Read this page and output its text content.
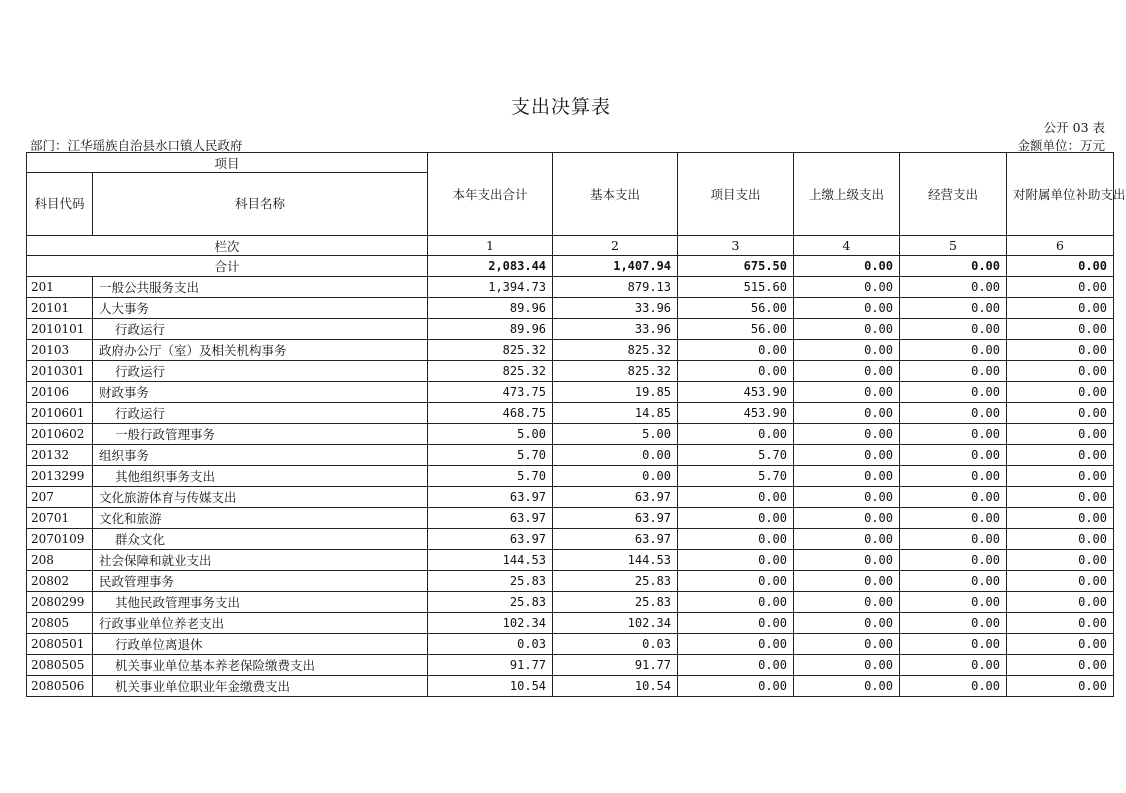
支出决算表
公开 03 表
部门：江华瑶族自治县水口镇人民政府	金额单位：万元
项目		本年支出合计	基本支出	项目支出	上缴上级支出	经营支出	对附属单位补助支出
科目代码	科目名称						
栏次		1	2	3	4	5	6
合计		2,083.44	1,407.94	675.50	0.00	0.00	0.00
201	一般公共服务支出	1,394.73	879.13	515.60	0.00	0.00	0.00
20101	人大事务	89.96	33.96	56.00	0.00	0.00	0.00
2010101	行政运行	89.96	33.96	56.00	0.00	0.00	0.00
20103	政府办公厅（室）及相关机构事务	825.32	825.32	0.00	0.00	0.00	0.00
2010301	行政运行	825.32	825.32	0.00	0.00	0.00	0.00
20106	财政事务	473.75	19.85	453.90	0.00	0.00	0.00
2010601	行政运行	468.75	14.85	453.90	0.00	0.00	0.00
2010602	一般行政管理事务	5.00	5.00	0.00	0.00	0.00	0.00
20132	组织事务	5.70	0.00	5.70	0.00	0.00	0.00
2013299	其他组织事务支出	5.70	0.00	5.70	0.00	0.00	0.00
207	文化旅游体育与传媒支出	63.97	63.97	0.00	0.00	0.00	0.00
20701	文化和旅游	63.97	63.97	0.00	0.00	0.00	0.00
2070109	群众文化	63.97	63.97	0.00	0.00	0.00	0.00
208	社会保障和就业支出	144.53	144.53	0.00	0.00	0.00	0.00
20802	民政管理事务	25.83	25.83	0.00	0.00	0.00	0.00
2080299	其他民政管理事务支出	25.83	25.83	0.00	0.00	0.00	0.00
20805	行政事业单位养老支出	102.34	102.34	0.00	0.00	0.00	0.00
2080501	行政单位离退休	0.03	0.03	0.00	0.00	0.00	0.00
2080505	机关事业单位基本养老保险缴费支出	91.77	91.77	0.00	0.00	0.00	0.00
2080506	机关事业单位职业年金缴费支出	10.54	10.54	0.00	0.00	0.00	0.00
